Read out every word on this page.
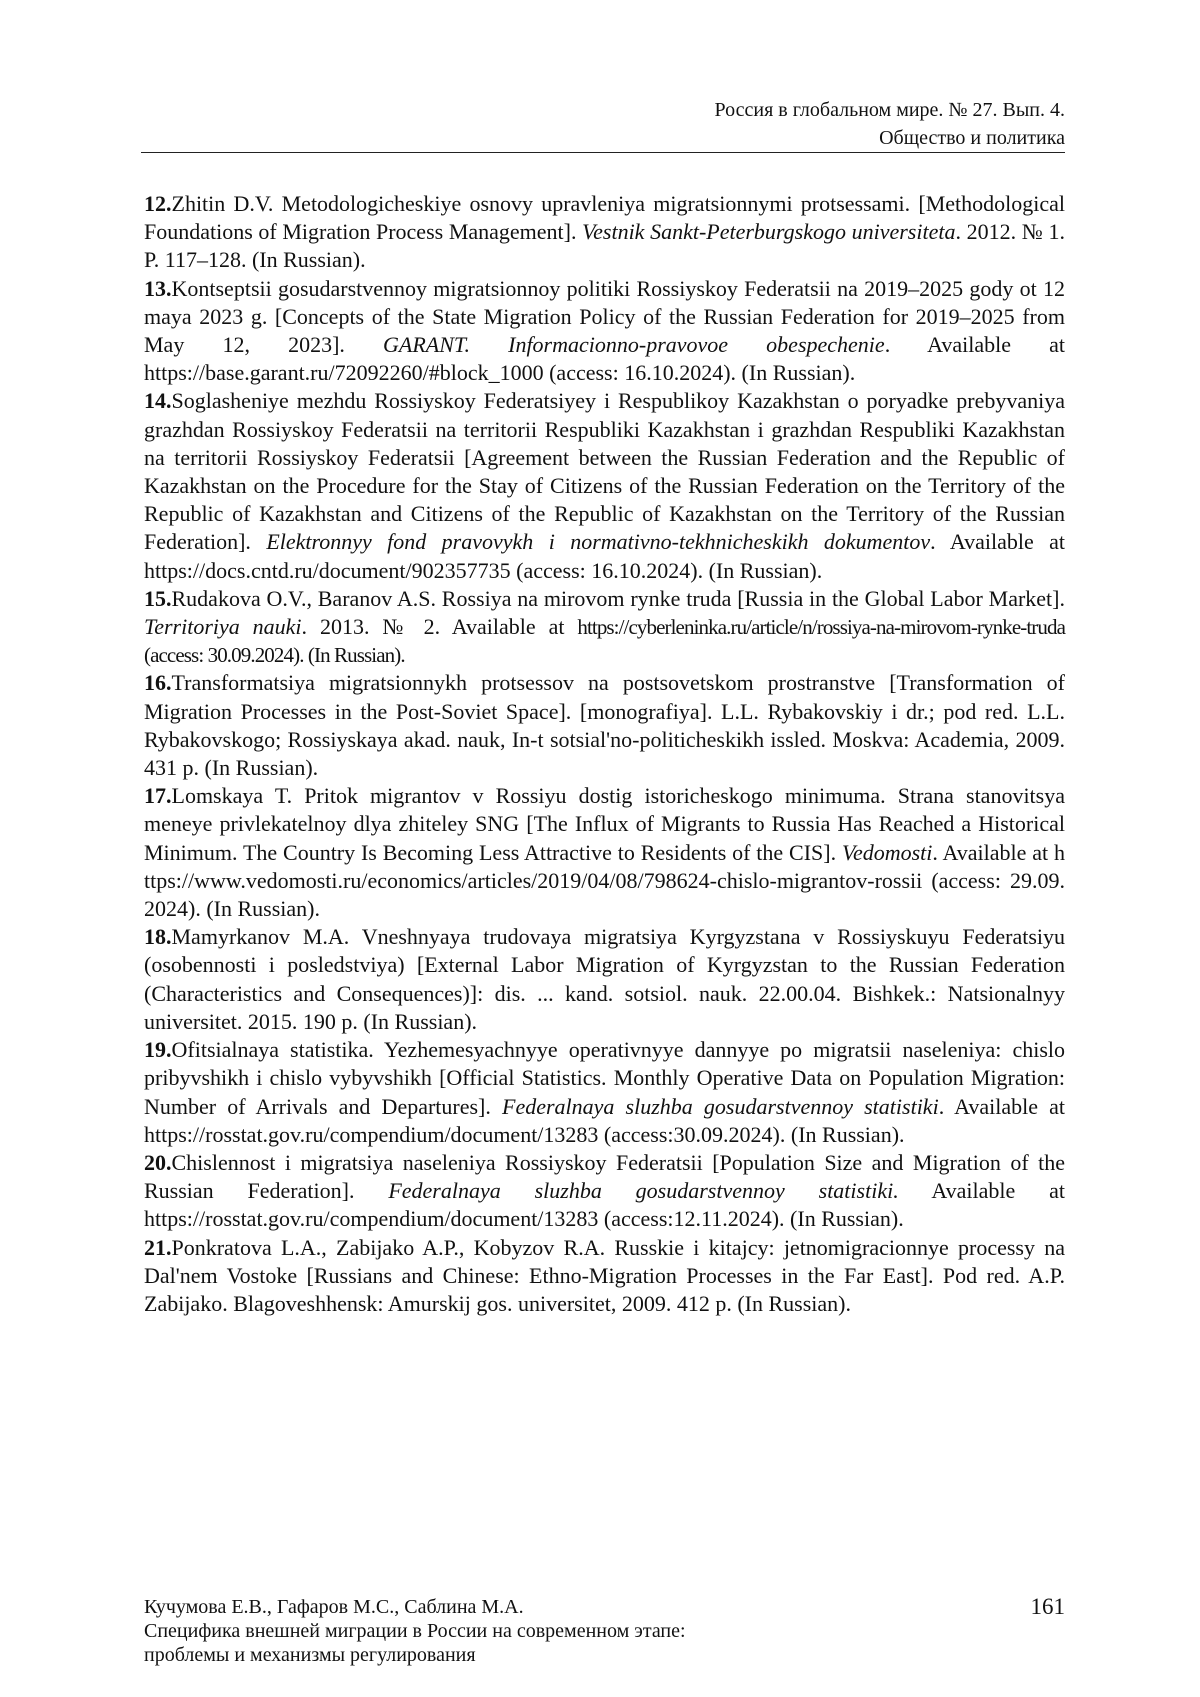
Россия в глобальном мире. № 27. Вып. 4.
Общество и политика
12.Zhitin D.V. Metodologicheskiye osnovy upravleniya migratsionnymi protsessami. [Methodological Foundations of Migration Process Management]. Vestnik Sankt-Peterburgskogo universiteta. 2012. № 1. P. 117–128. (In Russian).
13.Kontseptsii gosudarstvennoy migratsionnoy politiki Rossiyskoy Federatsii na 2019–2025 gody ot 12 maya 2023 g. [Concepts of the State Migration Policy of the Russian Federation for 2019–2025 from May 12, 2023]. GARANT. Informacionno-pravovoe obespechenie. Available at https://base.garant.ru/72092260/#block_1000 (access: 16.10.2024). (In Russian).
14.Soglasheniye mezhdu Rossiyskoy Federatsiyey i Respublikoy Kazakhstan o poryadke prebyvaniya grazhdan Rossiyskoy Federatsii na territorii Respubliki Kazakhstan i grazhdan Respubliki Kazakhstan na territorii Rossiyskoy Federatsii [Agreement between the Russian Federation and the Republic of Kazakhstan on the Procedure for the Stay of Citizens of the Russian Federation on the Territory of the Republic of Kazakhstan and Citizens of the Republic of Kazakhstan on the Territory of the Russian Federation]. Elektronnyy fond pravovykh i normativno-tekhnicheskikh dokumentov. Available at https://docs.cntd.ru/document/902357735 (access: 16.10.2024). (In Russian).
15.Rudakova O.V., Baranov A.S. Rossiya na mirovom rynke truda [Russia in the Global Labor Market]. Territoriya nauki. 2013. № 2. Available at https://cyberleninka.ru/article/n/rossiya-na-mirovom-rynke-truda (access: 30.09.2024). (In Russian).
16.Transformatsiya migratsionnykh protsessov na postsovetskom prostranstve [Transformation of Migration Processes in the Post-Soviet Space]. [monografiya]. L.L. Rybakovskiy i dr.; pod red. L.L. Rybakovskogo; Rossiyskaya akad. nauk, In-t sotsial'no-politicheskikh issled. Moskva: Academia, 2009. 431 p. (In Russian).
17.Lomskaya T. Pritok migrantov v Rossiyu dostig istoricheskogo minimuma. Strana stanovitsya meneye privlekatelnoy dlya zhiteley SNG [The Influx of Migrants to Russia Has Reached a Historical Minimum. The Country Is Becoming Less Attractive to Residents of the CIS]. Vedomosti. Available at https://www.vedomosti.ru/economics/articles/2019/04/08/798624-chislo-migrantov-rossii (access: 29.09.2024). (In Russian).
18.Mamyrkanov M.A. Vneshnyaya trudovaya migratsiya Kyrgyzstana v Rossiyskuyu Federatsiyu (osobennosti i posledstviya) [External Labor Migration of Kyrgyzstan to the Russian Federation (Characteristics and Consequences)]: dis. ... kand. sotsiol. nauk. 22.00.04. Bishkek.: Natsionalnyy universitet. 2015. 190 p. (In Russian).
19.Ofitsialnaya statistika. Yezhemesyachnyye operativnyye dannyye po migratsii naseleniya: chislo pribyvshikh i chislo vybyvshikh [Official Statistics. Monthly Operative Data on Population Migration: Number of Arrivals and Departures]. Federalnaya sluzhba gosudarstvennoy statistiki. Available at https://rosstat.gov.ru/compendium/document/13283 (access:30.09.2024). (In Russian).
20.Chislennost i migratsiya naseleniya Rossiyskoy Federatsii [Population Size and Migration of the Russian Federation]. Federalnaya sluzhba gosudarstvennoy statistiki. Available at https://rosstat.gov.ru/compendium/document/13283 (access:12.11.2024). (In Russian).
21.Ponkratova L.A., Zabijako A.P., Kobyzov R.A. Russkie i kitajcy: jetnomigracionnye processy na Dal'nem Vostoke [Russians and Chinese: Ethno-Migration Processes in the Far East]. Pod red. A.P. Zabijako. Blagoveshhensk: Amurskij gos. universitet, 2009. 412 p. (In Russian).
Кучумова Е.В., Гафаров М.С., Саблина М.А.
Специфика внешней миграции в России на современном этапе:
проблемы и механизмы регулирования
161
